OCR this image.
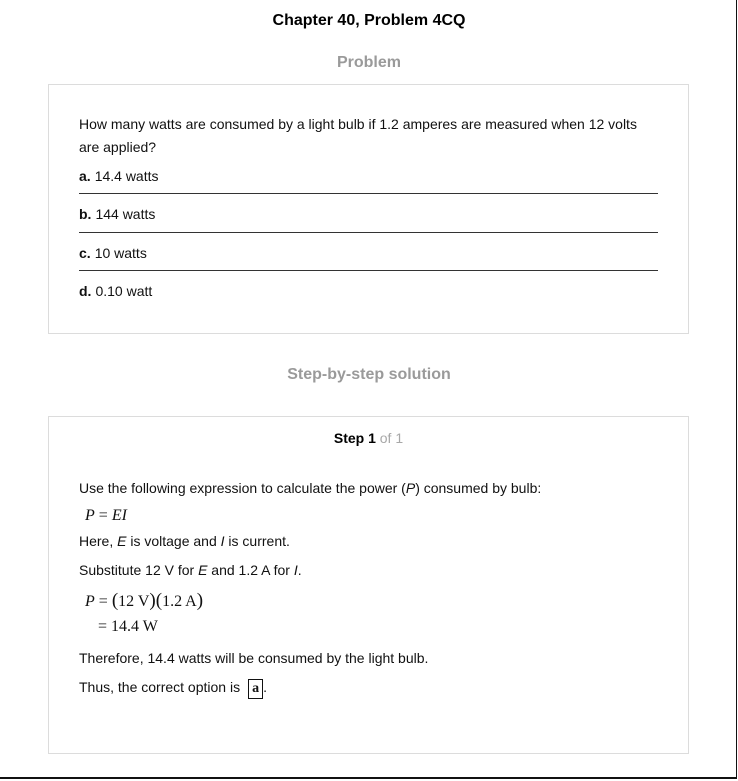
Chapter 40, Problem 4CQ
Problem
How many watts are consumed by a light bulb if 1.2 amperes are measured when 12 volts are applied?
a. 14.4 watts
b. 144 watts
c. 10 watts
d. 0.10 watt
Step-by-step solution
Step 1 of 1
Use the following expression to calculate the power (P) consumed by bulb:
P = EI
Here, E is voltage and I is current.
Substitute 12 V for E and 1.2 A for I.
P = (12 V)(1.2 A)
= 14.4 W
Therefore, 14.4 watts will be consumed by the light bulb.
Thus, the correct option is a .
